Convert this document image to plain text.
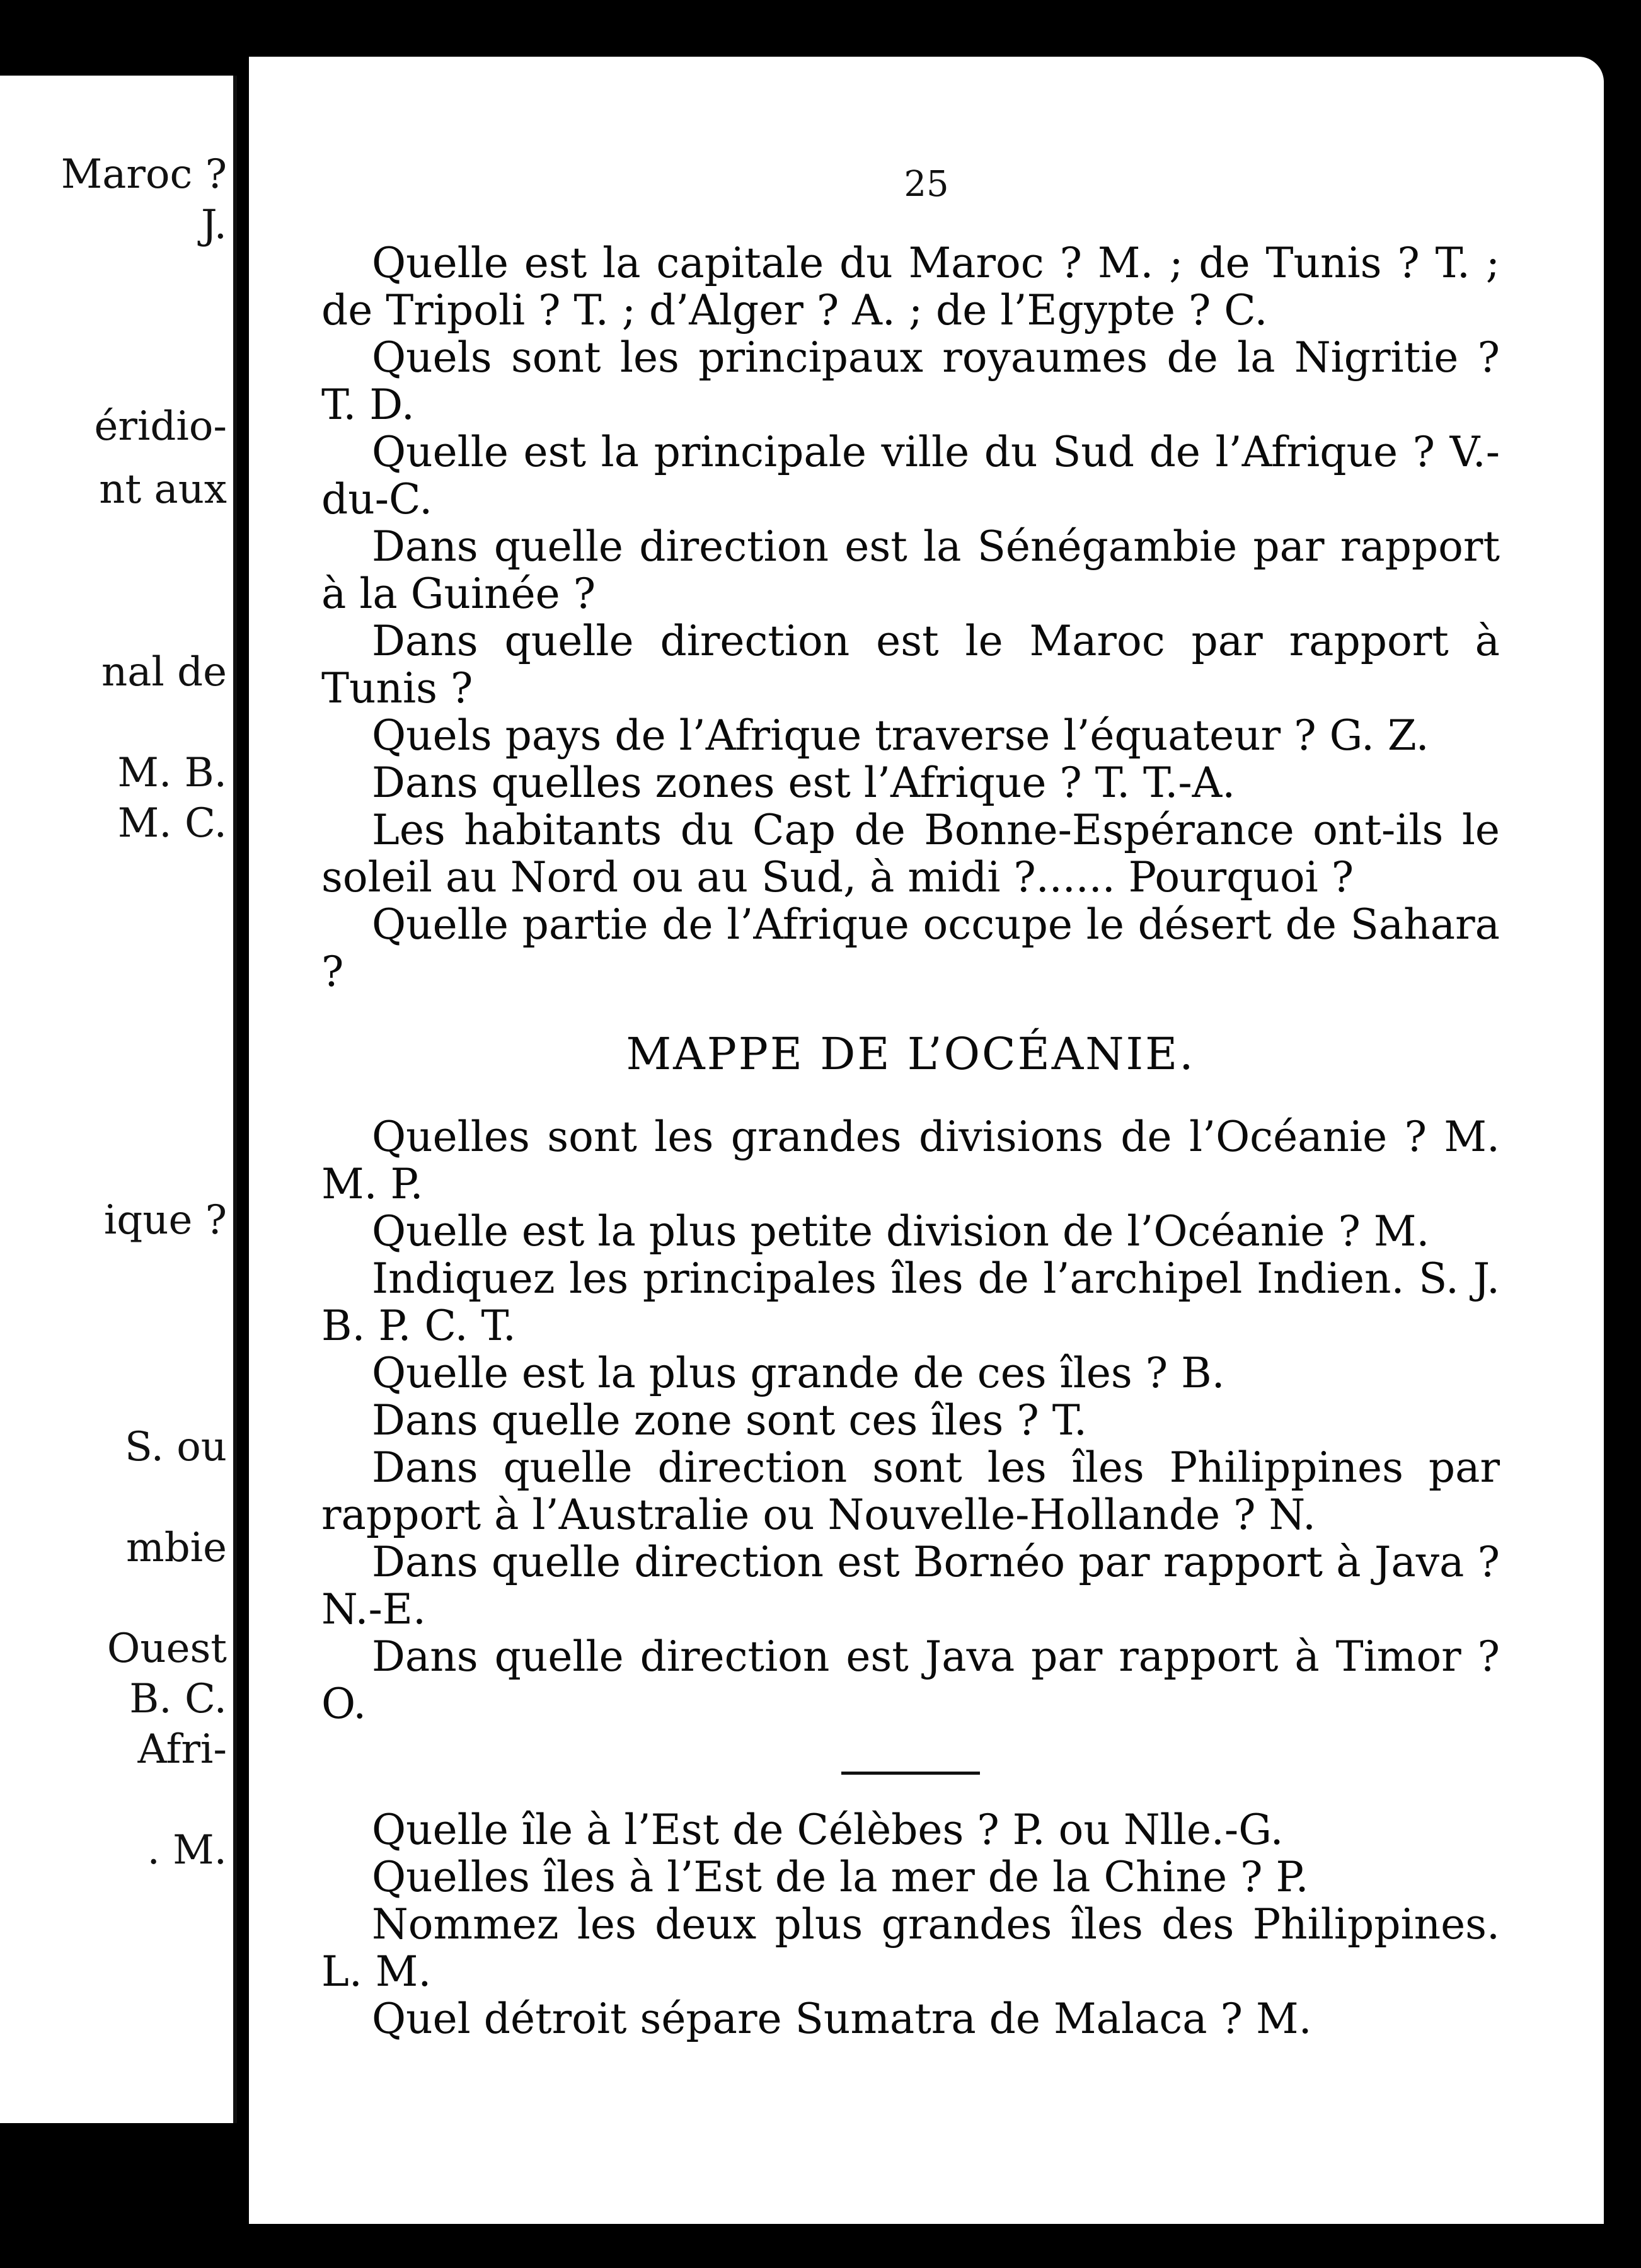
Maroc ?
J.
éridio-
nt aux
nal de
M. B.
M. C.
ique ?
S. ou
mbie
Ouest
B. C.
Afri-
. M.
25

Quelle est la capitale du Maroc ? M. ; de Tunis ? T. ; de Tripoli ? T. ; d’Alger ? A. ; de l’Egypte ? C.

Quels sont les principaux royaumes de la Nigritie ? T. D.

Quelle est la principale ville du Sud de l’Afrique ? V.-du-C.

Dans quelle direction est la Sénégambie par rapport à la Guinée ?

Dans quelle direction est le Maroc par rapport à Tunis ?

Quels pays de l’Afrique traverse l’équateur ? G. Z.

Dans quelles zones est l’Afrique ? T. T.-A.

Les habitants du Cap de Bonne-Espérance ont-ils le soleil au Nord ou au Sud, à midi ?...... Pourquoi ?

Quelle partie de l’Afrique occupe le désert de Sahara ?

MAPPE DE L’OCÉANIE.

Quelles sont les grandes divisions de l’Océanie ? M. M. P.

Quelle est la plus petite division de l’Océanie ? M.

Indiquez les principales îles de l’archipel Indien. S. J. B. P. C. T.

Quelle est la plus grande de ces îles ? B.

Dans quelle zone sont ces îles ? T.

Dans quelle direction sont les îles Philippines par rapport à l’Australie ou Nouvelle-Hollande ? N.

Dans quelle direction est Bornéo par rapport à Java ? N.-E.

Dans quelle direction est Java par rapport à Timor ? O.

Quelle île à l’Est de Célèbes ? P. ou Nlle.-G.

Quelles îles à l’Est de la mer de la Chine ? P.

Nommez les deux plus grandes îles des Philippines. L. M.

Quel détroit sépare Sumatra de Malaca ? M.
